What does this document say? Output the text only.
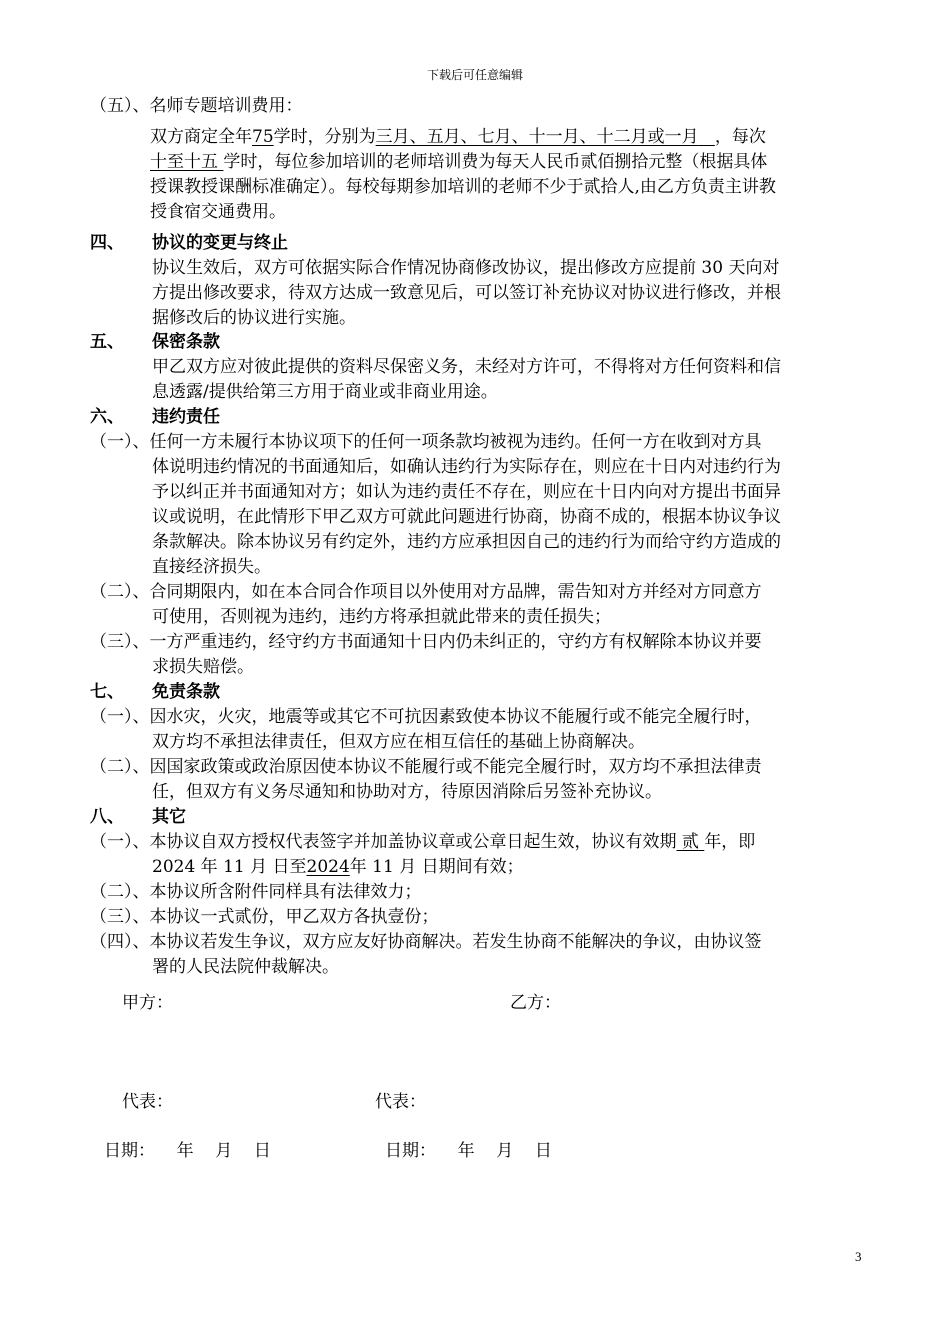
下载后可任意编辑
（五）、名师专题培训费用：
双方商定全年75学时，分别为三月、五月、七月、十一月、十二月或一月 ，每次
十至十五 学时，每位参加培训的老师培训费为每天人民币贰佰捌拾元整（根据具体
授课教授课酬标准确定）。每校每期参加培训的老师不少于贰拾人,由乙方负责主讲教
授食宿交通费用。
四、 协议的变更与终止
协议生效后，双方可依据实际合作情况协商修改协议，提出修改方应提前 30 天向对
方提出修改要求，待双方达成一致意见后，可以签订补充协议对协议进行修改，并根
据修改后的协议进行实施。
五、 保密条款
甲乙双方应对彼此提供的资料尽保密义务，未经对方许可，不得将对方任何资料和信
息透露/提供给第三方用于商业或非商业用途。
六、 违约责任
（一）、任何一方未履行本协议项下的任何一项条款均被视为违约。任何一方在收到对方具
体说明违约情况的书面通知后，如确认违约行为实际存在，则应在十日内对违约行为
予以纠正并书面通知对方；如认为违约责任不存在，则应在十日内向对方提出书面异
议或说明，在此情形下甲乙双方可就此问题进行协商，协商不成的，根据本协议争议
条款解决。除本协议另有约定外，违约方应承担因自己的违约行为而给守约方造成的
直接经济损失。
（二）、合同期限内，如在本合同合作项目以外使用对方品牌，需告知对方并经对方同意方
可使用，否则视为违约，违约方将承担就此带来的责任损失；
（三）、一方严重违约，经守约方书面通知十日内仍未纠正的，守约方有权解除本协议并要
求损失赔偿。
七、 免责条款
（一）、因水灾，火灾，地震等或其它不可抗因素致使本协议不能履行或不能完全履行时，
双方均不承担法律责任，但双方应在相互信任的基础上协商解决。
（二）、因国家政策或政治原因使本协议不能履行或不能完全履行时，双方均不承担法律责
任，但双方有义务尽通知和协助对方，待原因消除后另签补充协议。
八、 其它
（一）、本协议自双方授权代表签字并加盖协议章或公章日起生效，协议有效期 贰 年，即
2024 年 11 月 日至2024年 11 月 日期间有效；
（二）、本协议所含附件同样具有法律效力；
（三）、本协议一式贰份，甲乙双方各执壹份；
（四）、本协议若发生争议，双方应友好协商解决。若发生协商不能解决的争议，由协议签
署的人民法院仲裁解决。
甲方：	乙方：
代表：	代表：
日期：    年    月    日	日期：    年    月    日
3
